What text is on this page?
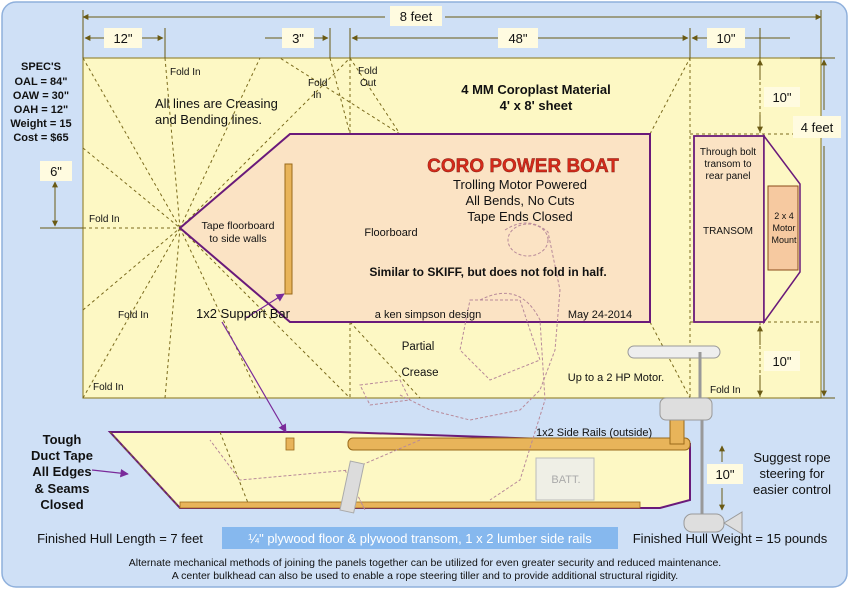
8 feet
12"	3"	48"	10"
10"
4 feet
6"
10"
10"
SPEC'S
OAL = 84"
OAW = 30"
OAH = 12"
Weight = 15
Cost = $65
4 MM Coroplast Material
4' x 8' sheet
All lines are Creasing
and Bending lines.
Fold In
Fold
In
Fold
Out
Fold In
Fold In
Fold In	Fold In
CORO POWER BOAT
Trolling Motor Powered
All Bends, No Cuts
Tape Ends Closed
Tape floorboard
to side walls	Floorboard
Similar to SKIFF, but does not fold in half.
a ken simpson design	May 24-2014
1x2 Support Bar
Partial
Crease	Up to a 2 HP Motor.
Through bolt
transom to
rear panel
TRANSOM
2 x 4
Motor
Mount
1x2 Side Rails (outside)
BATT.
Tough
Duct Tape
All Edges
& Seams
Closed
Suggest rope
steering for
easier control
Finished Hull Length = 7 feet	¼" plywood floor & plywood transom, 1 x 2 lumber side rails	Finished Hull Weight = 15 pounds
Alternate mechanical methods of joining the panels together can be utilized for even greater security and reduced maintenance.
A center bulkhead can also be used to enable a rope steering tiller and to provide additional structural rigidity.
